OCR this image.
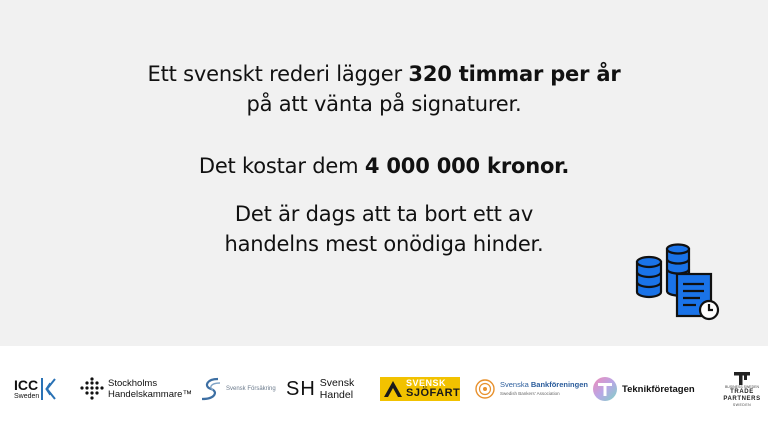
Ett svenskt rederi lägger 320 timmar per år
på att vänta på signaturer.
Det kostar dem 4 000 000 kronor.
Det är dags att ta bort ett av
handelns mest onödiga hinder.
ICC
Sweden
Stockholms
Handelskammare™	Svensk Försäkring SH Svensk
Handel
SVENSK
SJÖFART
Svenska Bankföreningen
Swedish Bankers' Association	Teknikföretagen	BUSINESS SWEDEN
TRADE
PARTNERS
SWEDEN
